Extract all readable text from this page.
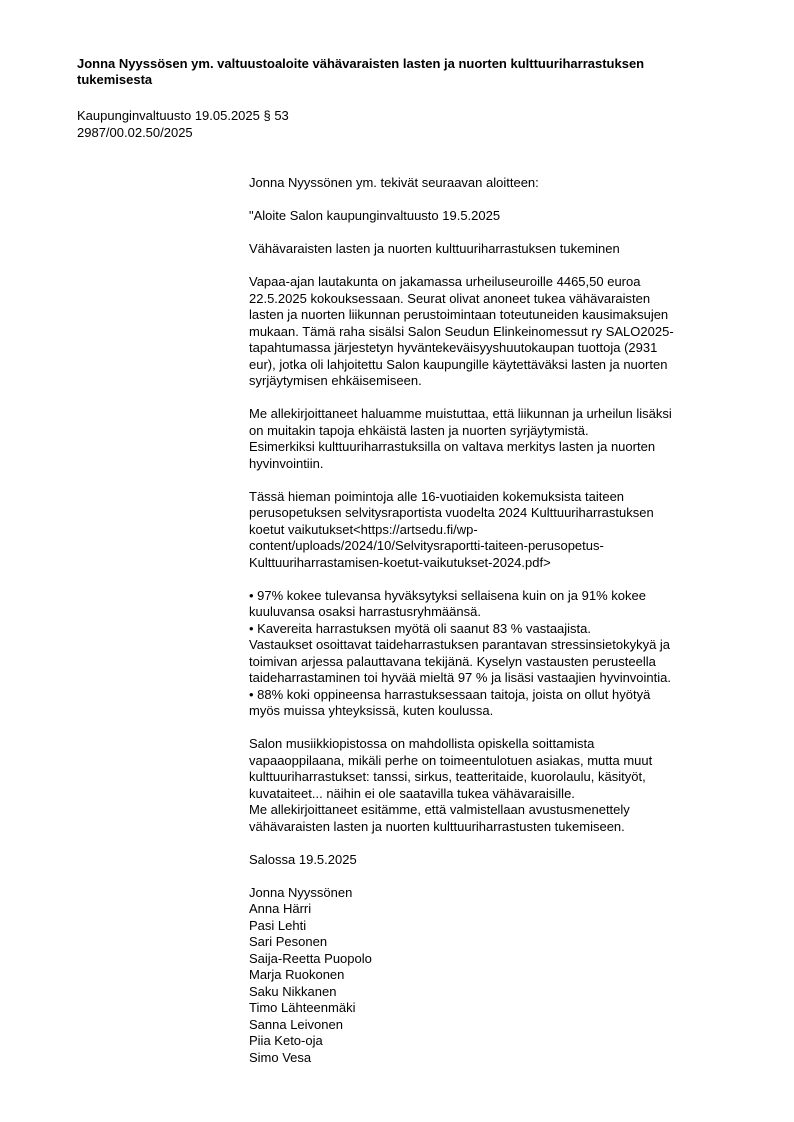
Jonna Nyyssösen ym. valtuustoaloite vähävaraisten lasten ja nuorten kulttuuriharrastuksen
tukemisesta
Kaupunginvaltuusto 19.05.2025 § 53
2987/00.02.50/2025

Jonna Nyyssönen ym. tekivät seuraavan aloitteen:

"Aloite Salon kaupunginvaltuusto 19.5.2025

Vähävaraisten lasten ja nuorten kulttuuriharrastuksen tukeminen

Vapaa-ajan lautakunta on jakamassa urheiluseuroille 4465,50 euroa
22.5.2025 kokouksessaan. Seurat olivat anoneet tukea vähävaraisten
lasten ja nuorten liikunnan perustoimintaan toteutuneiden kausimaksujen
mukaan. Tämä raha sisälsi Salon Seudun Elinkeinomessut ry SALO2025-
tapahtumassa järjestetyn hyväntekeväisyyshuutokaupan tuottoja (2931
eur), jotka oli lahjoitettu Salon kaupungille käytettäväksi lasten ja nuorten
syrjäytymisen ehkäisemiseen.

Me allekirjoittaneet haluamme muistuttaa, että liikunnan ja urheilun lisäksi
on muitakin tapoja ehkäistä lasten ja nuorten syrjäytymistä.
Esimerkiksi kulttuuriharrastuksilla on valtava merkitys lasten ja nuorten
hyvinvointiin.

Tässä hieman poimintoja alle 16-vuotiaiden kokemuksista taiteen
perusopetuksen selvitysraportista vuodelta 2024 Kulttuuriharrastuksen
koetut vaikutukset<https://artsedu.fi/wp-
content/uploads/2024/10/Selvitysraportti-taiteen-perusopetus-
Kulttuuriharrastamisen-koetut-vaikutukset-2024.pdf>

• 97% kokee tulevansa hyväksytyksi sellaisena kuin on ja 91% kokee
kuuluvansa osaksi harrastusryhmäänsä.
• Kavereita harrastuksen myötä oli saanut 83 % vastaajista.
Vastaukset osoittavat taideharrastuksen parantavan stressinsietokykyä ja
toimivan arjessa palauttavana tekijänä. Kyselyn vastausten perusteella
taideharrastaminen toi hyvää mieltä 97 % ja lisäsi vastaajien hyvinvointia.
• 88% koki oppineensa harrastuksessaan taitoja, joista on ollut hyötyä
myös muissa yhteyksissä, kuten koulussa.

Salon musiikkiopistossa on mahdollista opiskella soittamista
vapaaoppilaana, mikäli perhe on toimeentulotuen asiakas, mutta muut
kulttuuriharrastukset: tanssi, sirkus, teatteritaide, kuorolaulu, käsityöt,
kuvataiteet... näihin ei ole saatavilla tukea vähävaraisille.
Me allekirjoittaneet esitämme, että valmistellaan avustusmenettely
vähävaraisten lasten ja nuorten kulttuuriharrastusten tukemiseen.

Salossa 19.5.2025

Jonna Nyyssönen
Anna Härri
Pasi Lehti
Sari Pesonen
Saija-Reetta Puopolo
Marja Ruokonen
Saku Nikkanen
Timo Lähteenmäki
Sanna Leivonen
Piia Keto-oja
Simo Vesa
